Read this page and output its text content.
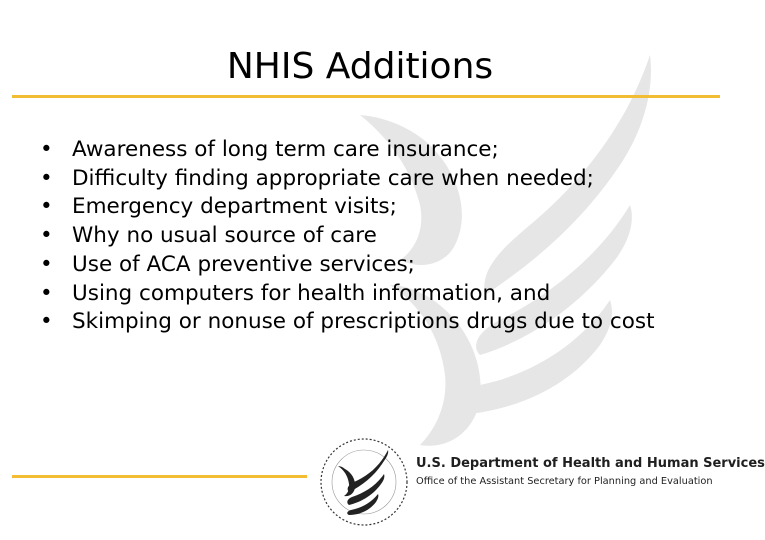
NHIS Additions
• Awareness of long term care insurance;
• Difficulty finding appropriate care when needed;
• Emergency department visits;
• Why no usual source of care
• Use of ACA preventive services;
• Using computers for health information, and
• Skimping or nonuse of prescriptions drugs due to cost
U.S. Department of Health and Human Services
Office of the Assistant Secretary for Planning and Evaluation
